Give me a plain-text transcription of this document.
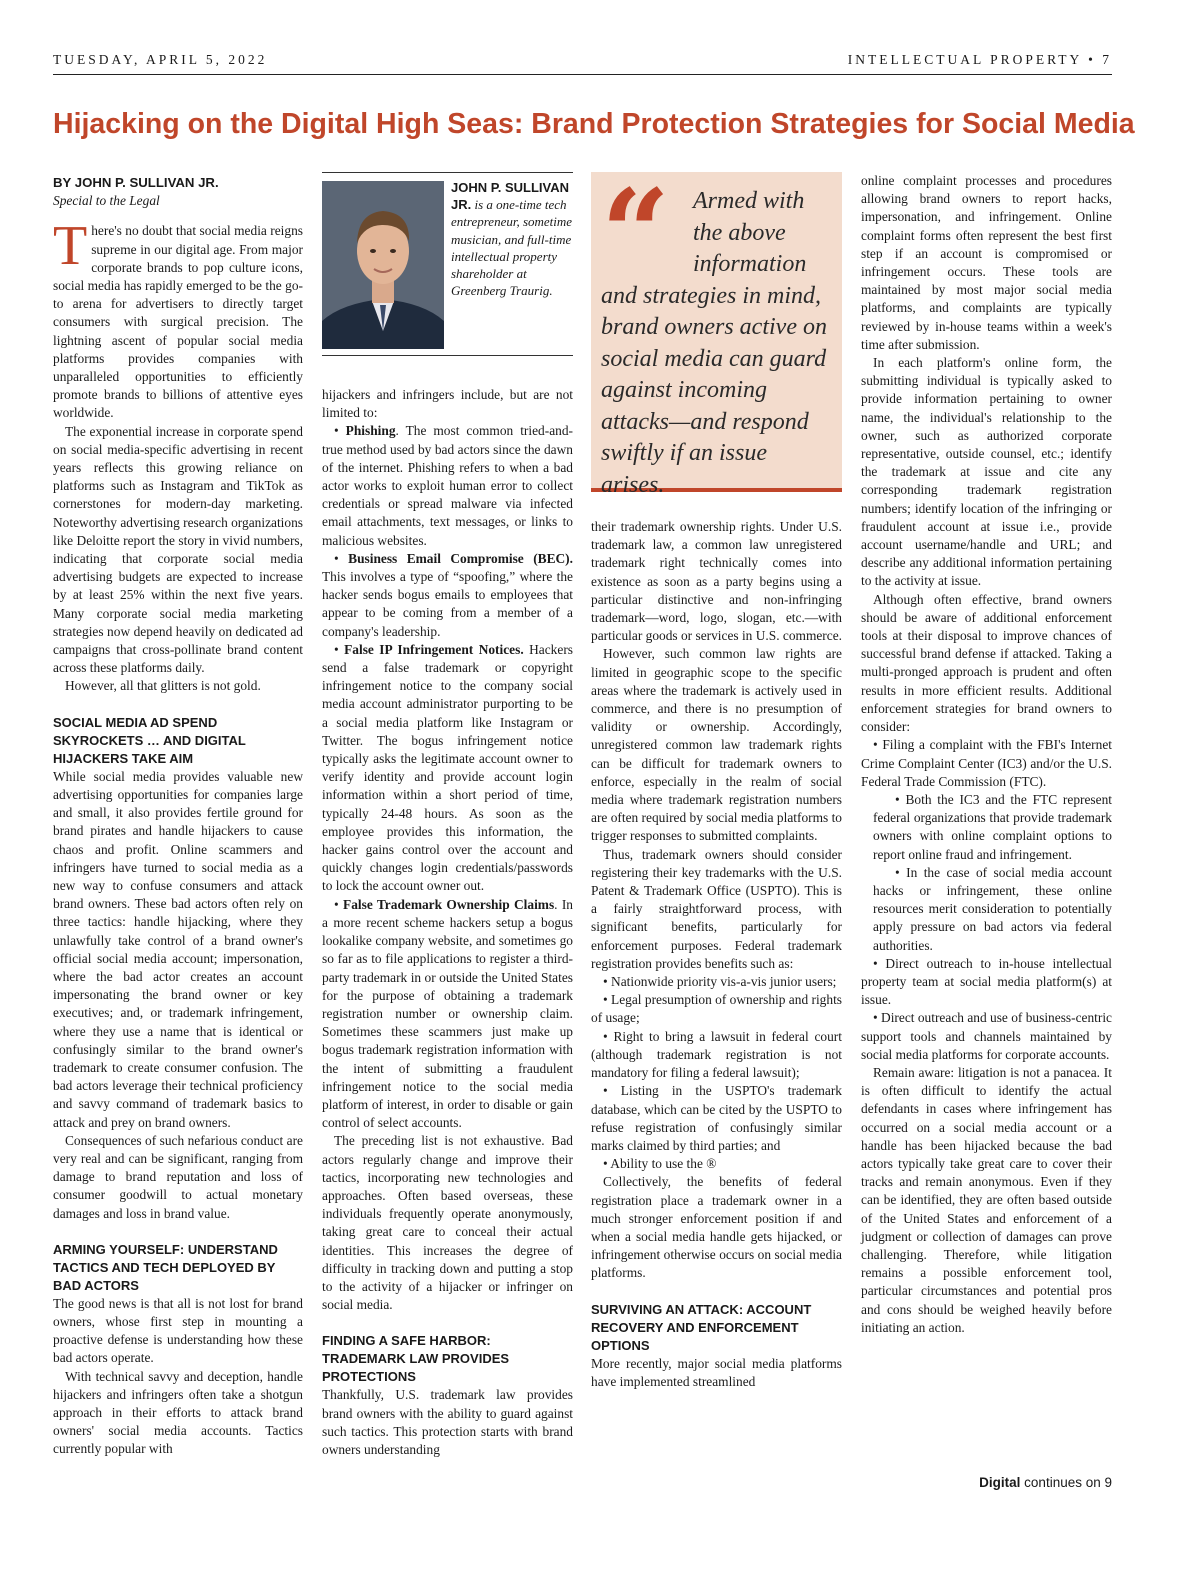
TUESDAY, APRIL 5, 2022	INTELLECTUAL PROPERTY • 7
Hijacking on the Digital High Seas: Brand Protection Strategies for Social Media
BY JOHN P. SULLIVAN JR.
Special to the Legal

There's no doubt that social media reigns supreme in our digital age. From major corporate brands to pop culture icons, social media has rapidly emerged to be the go-to arena for advertisers to directly target consumers with surgical precision. The lightning ascent of popular social media platforms provides companies with unparalleled opportunities to efficiently promote brands to billions of attentive eyes worldwide.

The exponential increase in corporate spend on social media-specific advertising in recent years reflects this growing reliance on platforms such as Instagram and TikTok as cornerstones for modern-day marketing. Noteworthy advertising research organizations like Deloitte report the story in vivid numbers, indicating that corporate social media advertising budgets are expected to increase by at least 25% within the next five years. Many corporate social media marketing strategies now depend heavily on dedicated ad campaigns that cross-pollinate brand content across these platforms daily.

However, all that glitters is not gold.

SOCIAL MEDIA AD SPEND SKYROCKETS … AND DIGITAL HIJACKERS TAKE AIM

While social media provides valuable new advertising opportunities for companies large and small, it also provides fertile ground for brand pirates and handle hijackers to cause chaos and profit. Online scammers and infringers have turned to social media as a new way to confuse consumers and attack brand owners. These bad actors often rely on three tactics: handle hijacking, where they unlawfully take control of a brand owner's official social media account; impersonation, where the bad actor creates an account impersonating the brand owner or key executives; and, or trademark infringement, where they use a name that is identical or confusingly similar to the brand owner's trademark to create consumer confusion. The bad actors leverage their technical proficiency and savvy command of trademark basics to attack and prey on brand owners.

Consequences of such nefarious conduct are very real and can be significant, ranging from damage to brand reputation and loss of consumer goodwill to actual monetary damages and loss in brand value.

ARMING YOURSELF: UNDERSTAND TACTICS AND TECH DEPLOYED BY BAD ACTORS

The good news is that all is not lost for brand owners, whose first step in mounting a proactive defense is understanding how these bad actors operate.

With technical savvy and deception, handle hijackers and infringers often take a shotgun approach in their efforts to attack brand owners' social media accounts. Tactics currently popular with

JOHN P. SULLIVAN JR. is a one-time tech entrepreneur, sometime musician, and full-time intellectual property shareholder at Greenberg Traurig.

hijackers and infringers include, but are not limited to:

• Phishing. The most common tried-and-true method used by bad actors since the dawn of the internet. Phishing refers to when a bad actor works to exploit human error to collect credentials or spread malware via infected email attachments, text messages, or links to malicious websites.

• Business Email Compromise (BEC). This involves a type of “spoofing,” where the hacker sends bogus emails to employees that appear to be coming from a member of a company's leadership.

• False IP Infringement Notices. Hackers send a false trademark or copyright infringement notice to the company social media account administrator purporting to be a social media platform like Instagram or Twitter. The bogus infringement notice typically asks the legitimate account owner to verify identity and provide account login information within a short period of time, typically 24-48 hours. As soon as the employee provides this information, the hacker gains control over the account and quickly changes login credentials/passwords to lock the account owner out.

• False Trademark Ownership Claims. In a more recent scheme hackers setup a bogus lookalike company website, and sometimes go so far as to file applications to register a third-party trademark in or outside the United States for the purpose of obtaining a trademark registration number or ownership claim. Sometimes these scammers just make up bogus trademark registration information with the intent of submitting a fraudulent infringement notice to the social media platform of interest, in order to disable or gain control of select accounts.

The preceding list is not exhaustive. Bad actors regularly change and improve their tactics, incorporating new technologies and approaches. Often based overseas, these individuals frequently operate anonymously, taking great care to conceal their actual identities. This increases the degree of difficulty in tracking down and putting a stop to the activity of a hijacker or infringer on social media.

FINDING A SAFE HARBOR: TRADEMARK LAW PROVIDES PROTECTIONS

Thankfully, U.S. trademark law provides brand owners with the ability to guard against such tactics. This protection starts with brand owners understanding

“ Armed with the above information
and strategies in mind, brand owners active on social media can guard against incoming attacks—and respond swiftly if an issue arises.

their trademark ownership rights. Under U.S. trademark law, a common law unregistered trademark right technically comes into existence as soon as a party begins using a particular distinctive and non-infringing trademark—word, logo, slogan, etc.—with particular goods or services in U.S. commerce.

However, such common law rights are limited in geographic scope to the specific areas where the trademark is actively used in commerce, and there is no presumption of validity or ownership. Accordingly, unregistered common law trademark rights can be difficult for trademark owners to enforce, especially in the realm of social media where trademark registration numbers are often required by social media platforms to trigger responses to submitted complaints.

Thus, trademark owners should consider registering their key trademarks with the U.S. Patent & Trademark Office (USPTO). This is a fairly straightforward process, with significant benefits, particularly for enforcement purposes. Federal trademark registration provides benefits such as:

• Nationwide priority vis-a-vis junior users;

• Legal presumption of ownership and rights of usage;

• Right to bring a lawsuit in federal court (although trademark registration is not mandatory for filing a federal lawsuit);

• Listing in the USPTO's trademark database, which can be cited by the USPTO to refuse registration of confusingly similar marks claimed by third parties; and

• Ability to use the ®

Collectively, the benefits of federal registration place a trademark owner in a much stronger enforcement position if and when a social media handle gets hijacked, or infringement otherwise occurs on social media platforms.

SURVIVING AN ATTACK: ACCOUNT RECOVERY AND ENFORCEMENT OPTIONS

More recently, major social media platforms have implemented streamlined

online complaint processes and procedures allowing brand owners to report hacks, impersonation, and infringement. Online complaint forms often represent the best first step if an account is compromised or infringement occurs. These tools are maintained by most major social media platforms, and complaints are typically reviewed by in-house teams within a week's time after submission.

In each platform's online form, the submitting individual is typically asked to provide information pertaining to owner name, the individual's relationship to the owner, such as authorized corporate representative, outside counsel, etc.; identify the trademark at issue and cite any corresponding trademark registration numbers; identify location of the infringing or fraudulent account at issue i.e., provide account username/handle and URL; and describe any additional information pertaining to the activity at issue.

Although often effective, brand owners should be aware of additional enforcement tools at their disposal to improve chances of successful brand defense if attacked. Taking a multi-pronged approach is prudent and often results in more efficient results. Additional enforcement strategies for brand owners to consider:

• Filing a complaint with the FBI's Internet Crime Complaint Center (IC3) and/or the U.S. Federal Trade Commission (FTC).

• Both the IC3 and the FTC represent federal organizations that provide trademark owners with online complaint options to report online fraud and infringement.

• In the case of social media account hacks or infringement, these online resources merit consideration to potentially apply pressure on bad actors via federal authorities.

• Direct outreach to in-house intellectual property team at social media platform(s) at issue.

• Direct outreach and use of business-centric support tools and channels maintained by social media platforms for corporate accounts.

Remain aware: litigation is not a panacea. It is often difficult to identify the actual defendants in cases where infringement has occurred on a social media account or a handle has been hijacked because the bad actors typically take great care to cover their tracks and remain anonymous. Even if they can be identified, they are often based outside of the United States and enforcement of a judgment or collection of damages can prove challenging. Therefore, while litigation remains a possible enforcement tool, particular circumstances and potential pros and cons should be weighed heavily before initiating an action.

Digital continues on 9
